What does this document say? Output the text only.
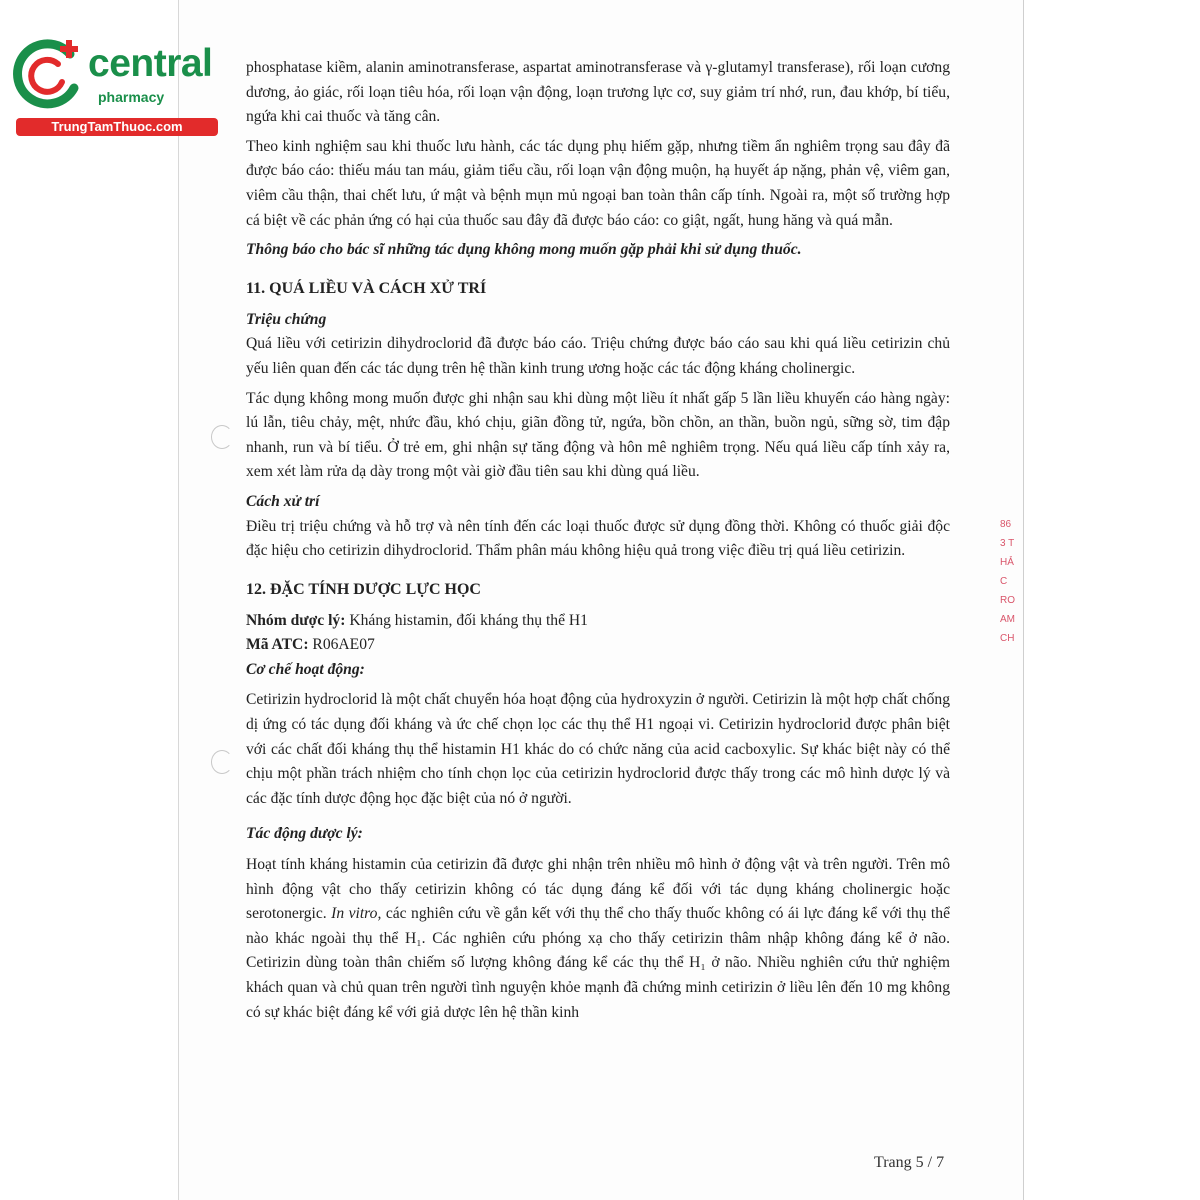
central
pharmacy
TrungTamThuoc.com

phosphatase kiềm, alanin aminotransferase, aspartat aminotransferase và γ-glutamyl transferase), rối loạn cương dương, ảo giác, rối loạn tiêu hóa, rối loạn vận động, loạn trương lực cơ, suy giảm trí nhớ, run, đau khớp, bí tiểu, ngứa khi cai thuốc và tăng cân.

Theo kinh nghiệm sau khi thuốc lưu hành, các tác dụng phụ hiếm gặp, nhưng tiềm ẩn nghiêm trọng sau đây đã được báo cáo: thiếu máu tan máu, giảm tiểu cầu, rối loạn vận động muộn, hạ huyết áp nặng, phản vệ, viêm gan, viêm cầu thận, thai chết lưu, ứ mật và bệnh mụn mủ ngoại ban toàn thân cấp tính. Ngoài ra, một số trường hợp cá biệt về các phản ứng có hại của thuốc sau đây đã được báo cáo: co giật, ngất, hung hăng và quá mẫn.

Thông báo cho bác sĩ những tác dụng không mong muốn gặp phải khi sử dụng thuốc.

11. QUÁ LIỀU VÀ CÁCH XỬ TRÍ

Triệu chứng

Quá liều với cetirizin dihydroclorid đã được báo cáo. Triệu chứng được báo cáo sau khi quá liều cetirizin chủ yếu liên quan đến các tác dụng trên hệ thần kinh trung ương hoặc các tác động kháng cholinergic.

Tác dụng không mong muốn được ghi nhận sau khi dùng một liều ít nhất gấp 5 lần liều khuyến cáo hàng ngày: lú lẫn, tiêu chảy, mệt, nhức đầu, khó chịu, giãn đồng tử, ngứa, bồn chồn, an thần, buồn ngủ, sững sờ, tim đập nhanh, run và bí tiểu. Ở trẻ em, ghi nhận sự tăng động và hôn mê nghiêm trọng. Nếu quá liều cấp tính xảy ra, xem xét làm rửa dạ dày trong một vài giờ đầu tiên sau khi dùng quá liều.

Cách xử trí

Điều trị triệu chứng và hỗ trợ và nên tính đến các loại thuốc được sử dụng đồng thời. Không có thuốc giải độc đặc hiệu cho cetirizin dihydroclorid. Thẩm phân máu không hiệu quả trong việc điều trị quá liều cetirizin.

12. ĐẶC TÍNH DƯỢC LỰC HỌC

Nhóm dược lý: Kháng histamin, đối kháng thụ thể H1

Mã ATC: R06AE07

Cơ chế hoạt động:

Cetirizin hydroclorid là một chất chuyển hóa hoạt động của hydroxyzin ở người. Cetirizin là một hợp chất chống dị ứng có tác dụng đối kháng và ức chế chọn lọc các thụ thể H1 ngoại vi. Cetirizin hydroclorid được phân biệt với các chất đối kháng thụ thể histamin H1 khác do có chức năng của acid cacboxylic. Sự khác biệt này có thể chịu một phần trách nhiệm cho tính chọn lọc của cetirizin hydroclorid được thấy trong các mô hình dược lý và các đặc tính dược động học đặc biệt của nó ở người.

Tác động dược lý:

Hoạt tính kháng histamin của cetirizin đã được ghi nhận trên nhiều mô hình ở động vật và trên người. Trên mô hình động vật cho thấy cetirizin không có tác dụng đáng kể đối với tác dụng kháng cholinergic hoặc serotonergic. In vitro, các nghiên cứu về gắn kết với thụ thể cho thấy thuốc không có ái lực đáng kể với thụ thể nào khác ngoài thụ thể H₁. Các nghiên cứu phóng xạ cho thấy cetirizin thâm nhập không đáng kể ở não. Cetirizin dùng toàn thân chiếm số lượng không đáng kể các thụ thể H₁ ở não. Nhiều nghiên cứu thử nghiệm khách quan và chủ quan trên người tình nguyện khỏe mạnh đã chứng minh cetirizin ở liều lên đến 10 mg không có sự khác biệt đáng kể với giả dược lên hệ thần kinh

86
3 T
HẢ
C
RO
AM
CH
Trang 5 / 7
